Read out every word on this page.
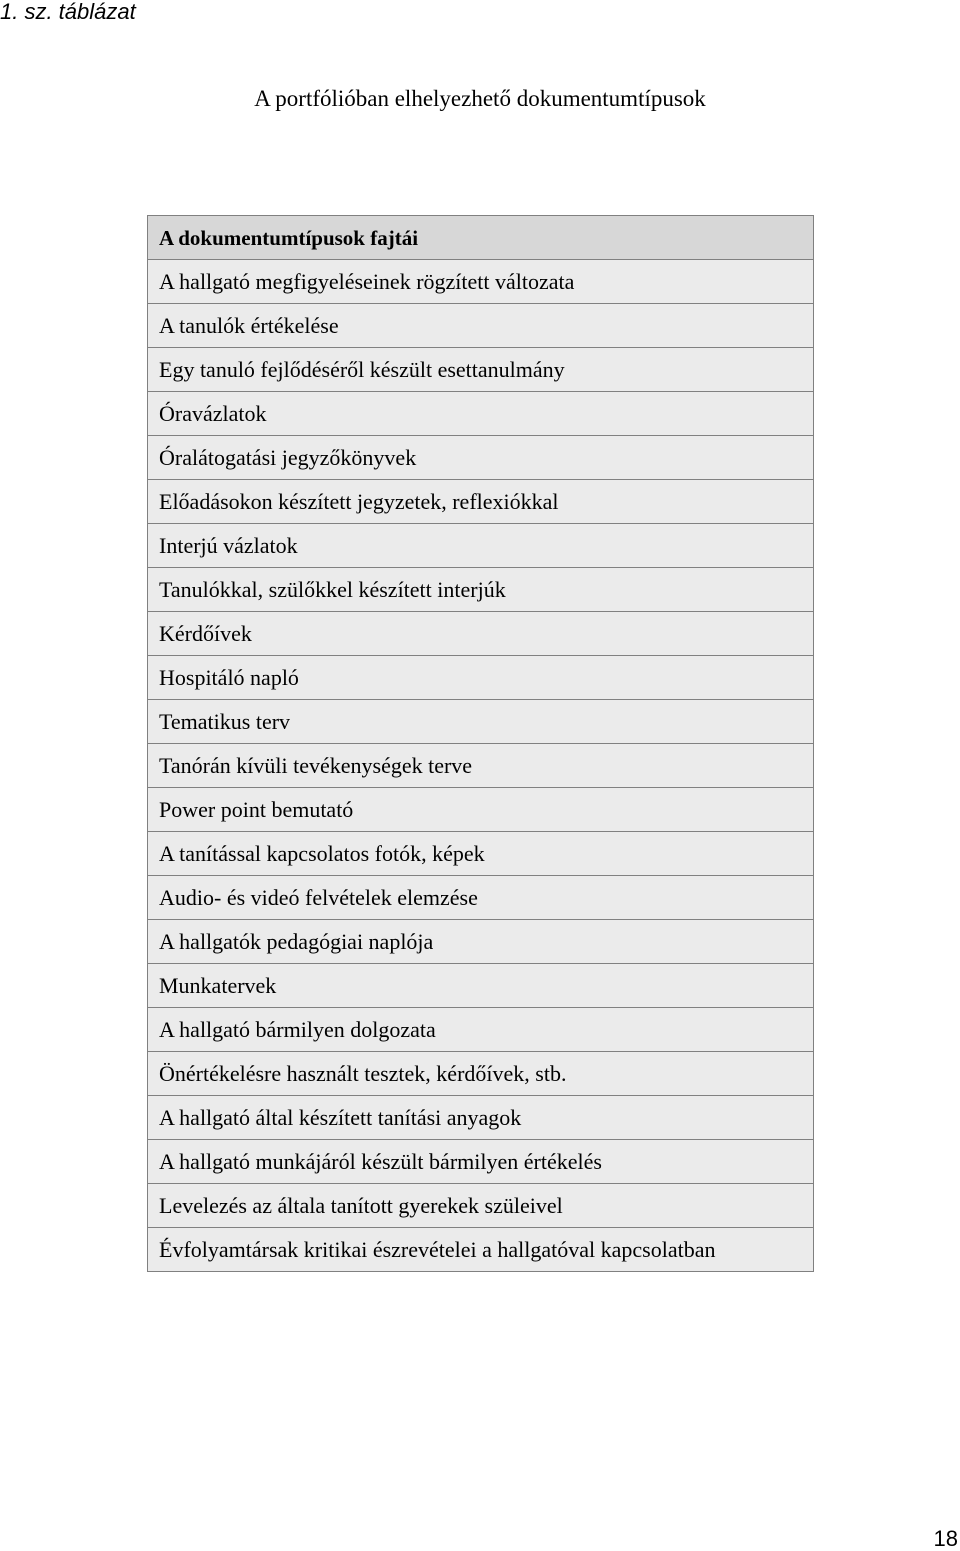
1. sz. táblázat
A portfólióban elhelyezhető dokumentumtípusok
A dokumentumtípusok fajtái
A hallgató megfigyeléseinek rögzített változata
A tanulók értékelése
Egy tanuló fejlődéséről készült esettanulmány
Óravázlatok
Óralátogatási jegyzőkönyvek
Előadásokon készített jegyzetek, reflexiókkal
Interjú vázlatok
Tanulókkal, szülőkkel készített interjúk
Kérdőívek
Hospitáló napló
Tematikus terv
Tanórán kívüli tevékenységek terve
Power point bemutató
A tanítással kapcsolatos fotók, képek
Audio- és videó felvételek elemzése
A hallgatók pedagógiai naplója
Munkatervek
A hallgató bármilyen dolgozata
Önértékelésre használt tesztek, kérdőívek, stb.
A hallgató által készített tanítási anyagok
A hallgató munkájáról készült bármilyen értékelés
Levelezés az általa tanított gyerekek szüleivel
Évfolyamtársak kritikai észrevételei a hallgatóval kapcsolatban
18
